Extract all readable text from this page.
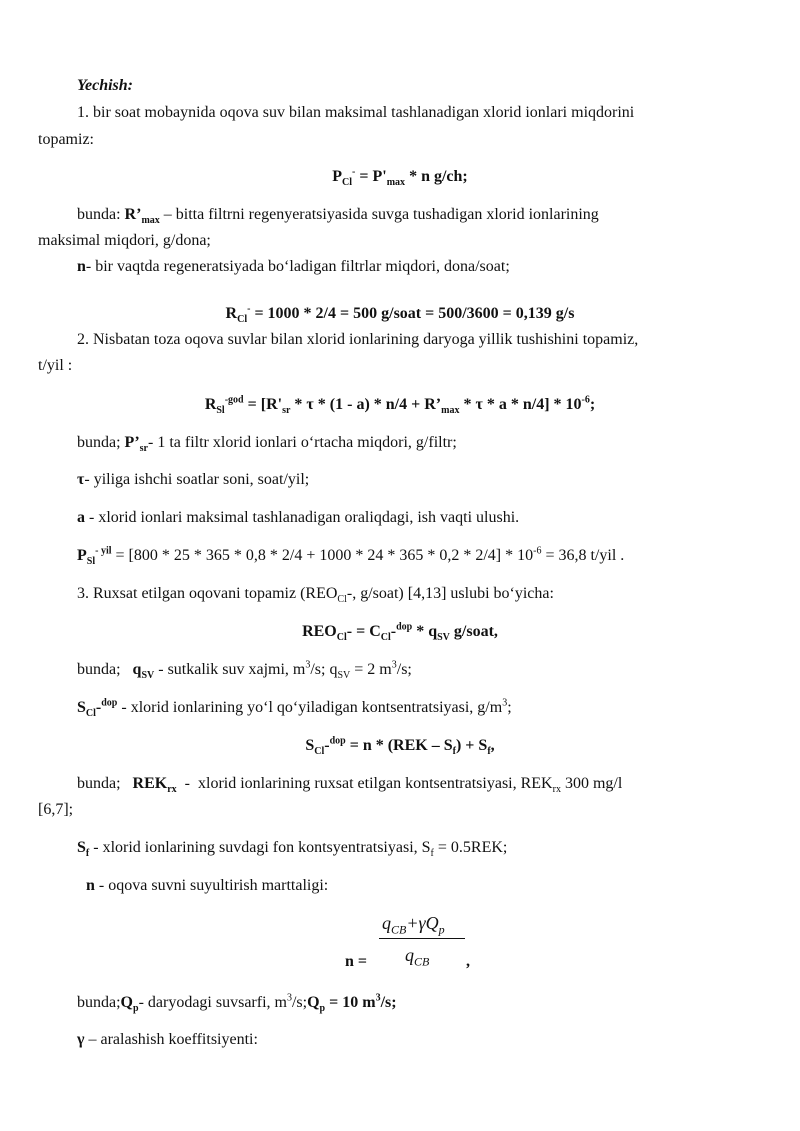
Yechish:
1. bir soat mobaynida oqova suv bilan maksimal tashlanadigan xlorid ionlari miqdorini
topamiz:
$P_{Cl}^- = P'_{max} * n$ g/ch;
bunda: $R’_{max}$ – bitta filtrni regenyeratsiyasida suvga tushadigan xlorid ionlarining
maksimal miqdori, g/dona;
n- bir vaqtda regeneratsiyada bo‘ladigan filtrlar miqdori, dona/soat;
$R_{Cl}^- = 1000 * 2/4 = 500$ g/soat = 500/3600 = 0,139 g/s
2. Nisbatan toza oqova suvlar bilan xlorid ionlarining daryoga yillik tushishini topamiz,
t/yil :
$R_{Sl}^{-god} = [R'_{sr} * \tau * (1 - a) * n/4$ + $R’_{max}$ * τ * a * $n/4] * 10^{-6}$;
bunda; $P’_{sr}-$ 1 ta filtr xlorid ionlari o‘rtacha miqdori, g/filtr;
τ- yiliga ishchi soatlar soni, soat/yil;
a - xlorid ionlari maksimal tashlanadigan oraliqdagi, ish vaqti ulushi.
$P_{Sl}^{- yil} = [800 * 25 * 365 * 0,8 * 2/4 + 1000 * 24 * 365 * 0,2 * 2/4] * 10^{-6} = 36,8$ t/yil .
3. Ruxsat etilgan oqovani topamiz ($REO_{Cl}-$, g/soat) [4,13] uslubi bo‘yicha:
$REO_{Cl}- = C_{Cl}-^{dop} * q_{SV}$ g/soat,
bunda;   $q_{SV}$ - sutkalik suv xajmi, $m^3/s$; $q_{SV} = 2$ $m^3/s$;
$S_{Cl}-^{dop}$ - xlorid ionlarining yo‘l qo‘yiladigan kontsentratsiyasi, $g/m^3$;
$S_{Cl}-^{dop} = n * (REK - S_f) + S_f$,
bunda;   $REK_{rx}$  -  xlorid ionlarining ruxsat etilgan kontsentratsiyasi, $REK_{rx}$ 300 mg/l
[6,7];
$S_f$ - xlorid ionlarining suvdagi fon kontsyentratsiyasi, $S_f = 0.5REK$;
n - oqova suvni suyultirish marttaligi:
n =
$q_{CB}+\gamma Q_p$
$q_{CB}$ ,
$bunda;Q_p-$ daryodagi suvsarfi, $m^3/s;Q_p = 10$ $m^3/s$;
γ – aralashish koeffitsiyenti:
